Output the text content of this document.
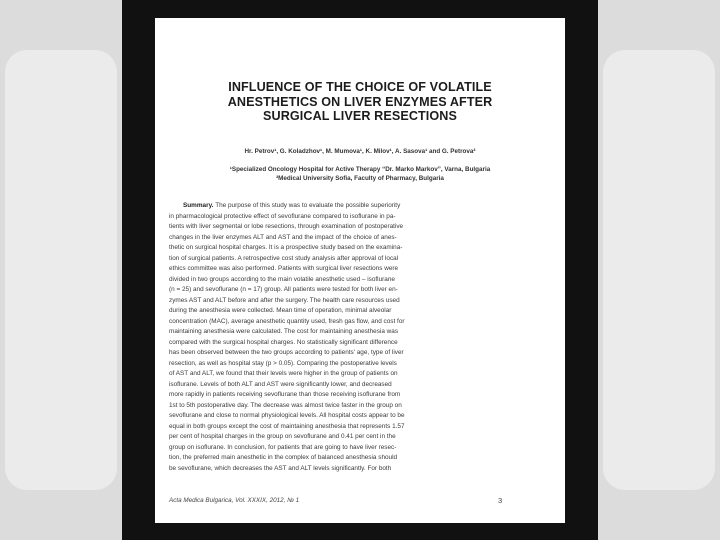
INFLUENCE OF THE CHOICE OF VOLATILE
ANESTHETICS ON LIVER ENZYMES AFTER
SURGICAL LIVER RESECTIONS
Hr. Petrov¹, G. Koladzhov¹, M. Mumova¹, K. Milov¹, A. Sasova¹ and G. Petrova²
¹Specialized Oncology Hospital for Active Therapy “Dr. Marko Markov”, Varna, Bulgaria
²Medical University Sofia, Faculty of Pharmacy, Bulgaria
Summary. The purpose of this study was to evaluate the possible superiority
in pharmacological protective effect of sevoflurane compared to isoflurane in pa-
tients with liver segmental or lobe resections, through examination of postoperative
changes in the liver enzymes ALT and AST and the impact of the choice of anes-
thetic on surgical hospital charges. It is a prospective study based on the examina-
tion of surgical patients. A retrospective cost study analysis after approval of local
ethics committee was also performed. Patients with surgical liver resections were
divided in two groups according to the main volatile anesthetic used – isoflurane
(n = 25) and sevoflurane (n = 17) group. All patients were tested for both liver en-
zymes AST and ALT before and after the surgery. The health care resources used
during the anesthesia were collected. Mean time of operation, minimal alveolar
concentration (MAC), average anesthetic quantity used, fresh gas flow, and cost for
maintaining anesthesia were calculated. The cost for maintaining anesthesia was
compared with the surgical hospital charges. No statistically significant difference
has been observed between the two groups according to patients' age, type of liver
resection, as well as hospital stay (p > 0.05). Comparing the postoperative levels
of AST and ALT, we found that their levels were higher in the group of patients on
isoflurane. Levels of both ALT and AST were significantly lower, and decreased
more rapidly in patients receiving sevoflurane than those receiving isoflurane from
1st to 5th postoperative day. The decrease was almost twice faster in the group on
sevoflurane and close to normal physiological levels. All hospital costs appear to be
equal in both groups except the cost of maintaining anesthesia that represents 1.57
per cent of hospital charges in the group on sevoflurane and 0.41 per cent in the
group on isoflurane. In conclusion, for patients that are going to have liver resec-
tion, the preferred main anesthetic in the complex of balanced anesthesia should
be sevoflurane, which decreases the AST and ALT levels significantly. For both
Acta Medica Bulgarica, Vol. XXXIX, 2012, № 1	3
